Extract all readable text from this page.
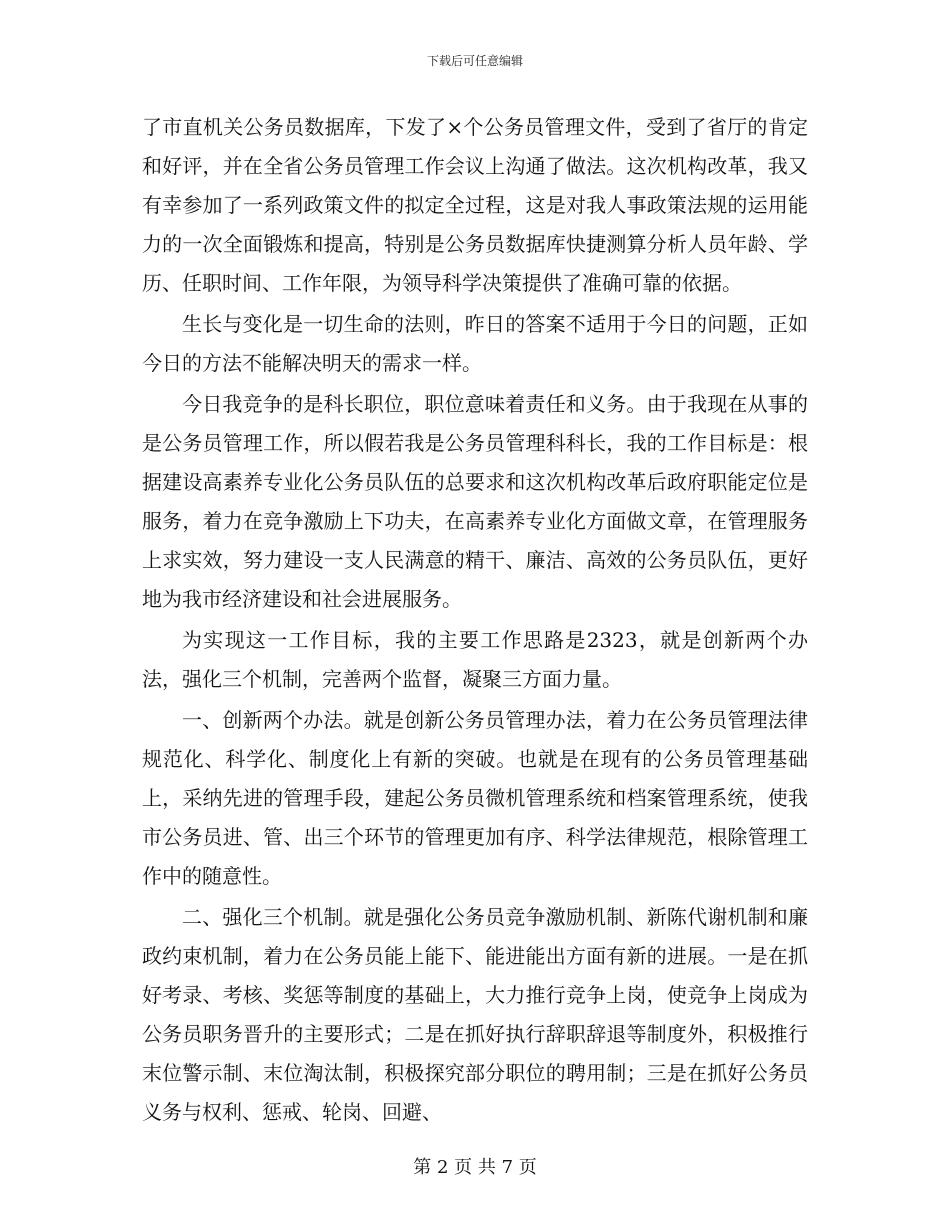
下载后可任意编辑

了市直机关公务员数据库，下发了×个公务员管理文件，受到了省厅的肯定和好评，并在全省公务员管理工作会议上沟通了做法。这次机构改革，我又有幸参加了一系列政策文件的拟定全过程，这是对我人事政策法规的运用能力的一次全面锻炼和提高，特别是公务员数据库快捷测算分析人员年龄、学历、任职时间、工作年限，为领导科学决策提供了准确可靠的依据。

生长与变化是一切生命的法则，昨日的答案不适用于今日的问题，正如今日的方法不能解决明天的需求一样。

今日我竞争的是科长职位，职位意味着责任和义务。由于我现在从事的是公务员管理工作，所以假若我是公务员管理科科长，我的工作目标是：根据建设高素养专业化公务员队伍的总要求和这次机构改革后政府职能定位是服务，着力在竞争激励上下功夫，在高素养专业化方面做文章，在管理服务上求实效，努力建设一支人民满意的精干、廉洁、高效的公务员队伍，更好地为我市经济建设和社会进展服务。

为实现这一工作目标，我的主要工作思路是2323，就是创新两个办法，强化三个机制，完善两个监督，凝聚三方面力量。

一、创新两个办法。就是创新公务员管理办法，着力在公务员管理法律规范化、科学化、制度化上有新的突破。也就是在现有的公务员管理基础上，采纳先进的管理手段，建起公务员微机管理系统和档案管理系统，使我市公务员进、管、出三个环节的管理更加有序、科学法律规范，根除管理工作中的随意性。

二、强化三个机制。就是强化公务员竞争激励机制、新陈代谢机制和廉政约束机制，着力在公务员能上能下、能进能出方面有新的进展。一是在抓好考录、考核、奖惩等制度的基础上，大力推行竞争上岗，使竞争上岗成为公务员职务晋升的主要形式；二是在抓好执行辞职辞退等制度外，积极推行末位警示制、末位淘汰制，积极探究部分职位的聘用制；三是在抓好公务员义务与权利、惩戒、轮岗、回避、

第 2 页 共 7 页
